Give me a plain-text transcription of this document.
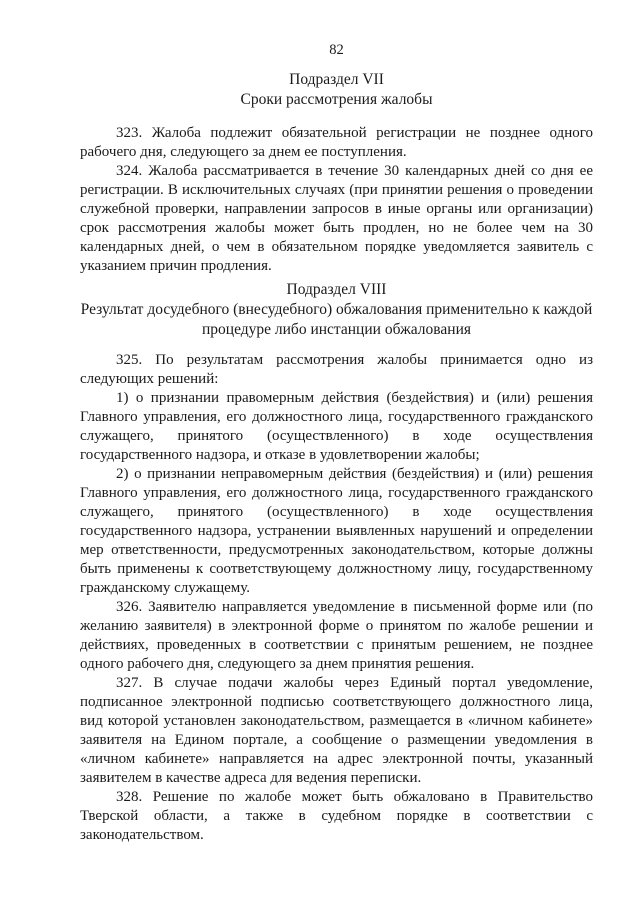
82
Подраздел VII
Сроки рассмотрения жалобы

323. Жалоба подлежит обязательной регистрации не позднее одного рабочего дня, следующего за днем ее поступления.

324. Жалоба рассматривается в течение 30 календарных дней со дня ее регистрации. В исключительных случаях (при принятии решения о проведении служебной проверки, направлении запросов в иные органы или организации) срок рассмотрения жалобы может быть продлен, но не более чем на 30 календарных дней, о чем в обязательном порядке уведомляется заявитель с указанием причин продления.

Подраздел VIII
Результат досудебного (внесудебного) обжалования применительно к каждой
процедуре либо инстанции обжалования

325. По результатам рассмотрения жалобы принимается одно из следующих решений:

1) о признании правомерным действия (бездействия) и (или) решения Главного управления, его должностного лица, государственного гражданского служащего, принятого (осуществленного) в ходе осуществления государственного надзора, и отказе в удовлетворении жалобы;

2) о признании неправомерным действия (бездействия) и (или) решения Главного управления, его должностного лица, государственного гражданского служащего, принятого (осуществленного) в ходе осуществления государственного надзора, устранении выявленных нарушений и определении мер ответственности, предусмотренных законодательством, которые должны быть применены к соответствующему должностному лицу, государственному гражданскому служащему.

326. Заявителю направляется уведомление в письменной форме или (по желанию заявителя) в электронной форме о принятом по жалобе решении и действиях, проведенных в соответствии с принятым решением, не позднее одного рабочего дня, следующего за днем принятия решения.

327. В случае подачи жалобы через Единый портал уведомление, подписанное электронной подписью соответствующего должностного лица, вид которой установлен законодательством, размещается в «личном кабинете» заявителя на Едином портале, а сообщение о размещении уведомления в «личном кабинете» направляется на адрес электронной почты, указанный заявителем в качестве адреса для ведения переписки.

328. Решение по жалобе может быть обжаловано в Правительство Тверской области, а также в судебном порядке в соответствии с законодательством.
